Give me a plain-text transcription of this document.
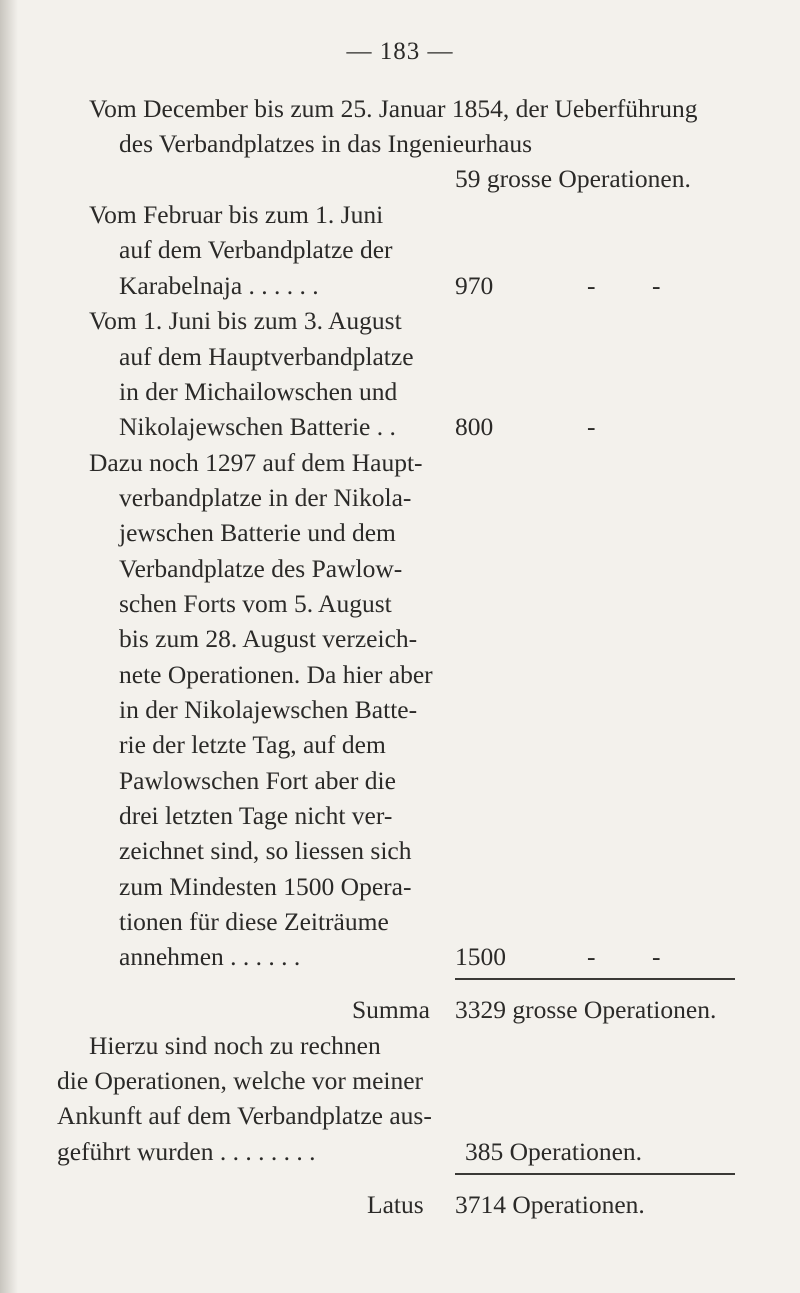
— 183 —
Vom December bis zum 25. Januar 1854, der Ueberführung
des Verbandplatzes in das Ingenieurhaus
59 grosse Operationen.
Vom Februar bis zum 1. Juni
auf dem Verbandplatze der
Karabelnaja . . . . . .	970	- -
Vom 1. Juni bis zum 3. August
auf dem Hauptverbandplatze
in der Michailowschen und
Nikolajewschen Batterie . . 800	-
Dazu noch 1297 auf dem Haupt-
verbandplatze in der Nikola-
jewschen Batterie und dem
Verbandplatze des Pawlow-
schen Forts vom 5. August
bis zum 28. August verzeich-
nete Operationen. Da hier aber
in der Nikolajewschen Batte-
rie der letzte Tag, auf dem
Pawlowschen Fort aber die
drei letzten Tage nicht ver-
zeichnet sind, so liessen sich
zum Mindesten 1500 Opera-
tionen für diese Zeiträume
annehmen . . . . . .	1500	- -
Summa 3329 grosse Operationen.
Hierzu sind noch zu rechnen
die Operationen, welche vor meiner
Ankunft auf dem Verbandplatze aus-
geführt wurden . . . . . . . .	385 Operationen.
Latus 3714 Operationen.
